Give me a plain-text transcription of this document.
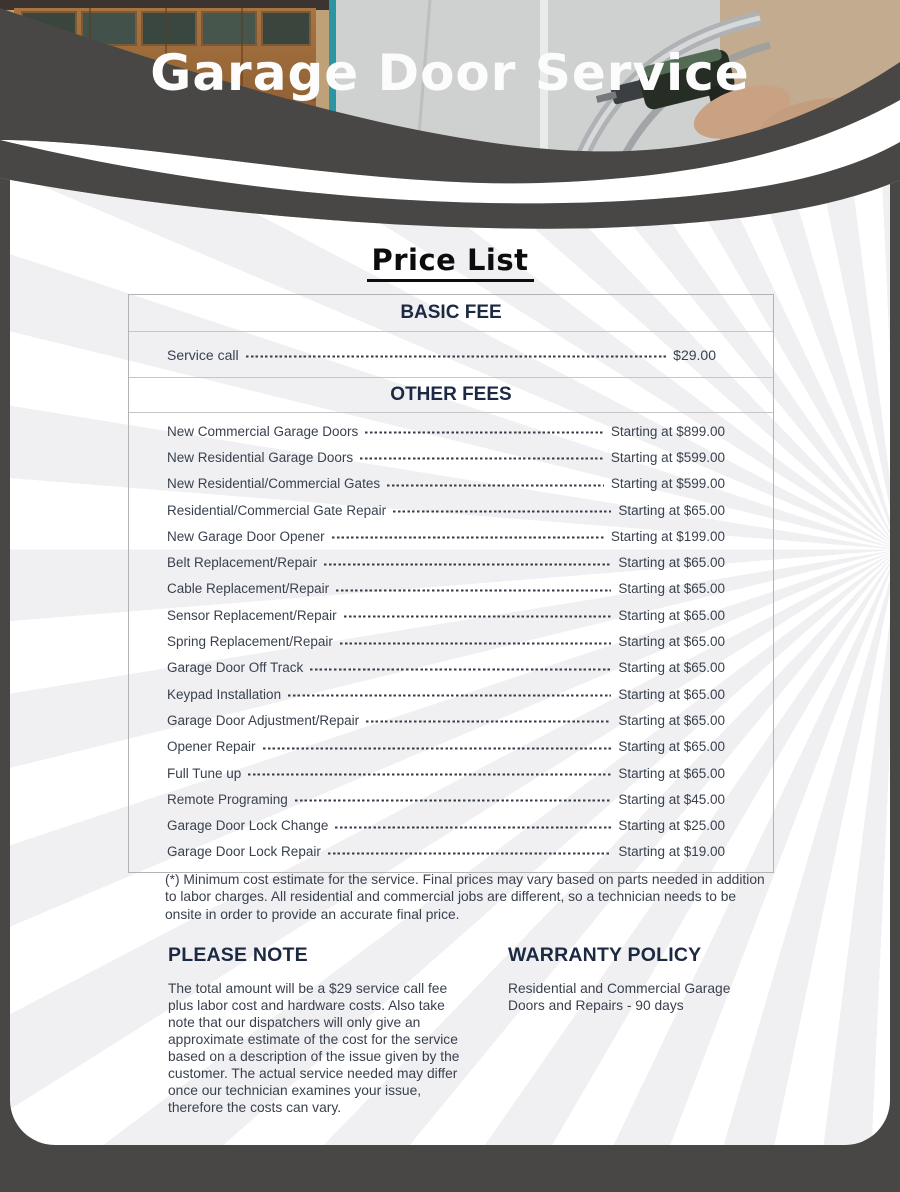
Garage Door Service
Price List
BASIC FEE
Service call	$29.00
OTHER FEES
New Commercial Garage Doors	Starting at $899.00
New Residential Garage Doors	Starting at $599.00
New Residential/Commercial Gates	Starting at $599.00
Residential/Commercial Gate Repair	Starting at $65.00
New Garage Door Opener	Starting at $199.00
Belt Replacement/Repair	Starting at $65.00
Cable Replacement/Repair	Starting at $65.00
Sensor Replacement/Repair	Starting at $65.00
Spring Replacement/Repair	Starting at $65.00
Garage Door Off Track	Starting at $65.00
Keypad Installation	Starting at $65.00
Garage Door Adjustment/Repair	Starting at $65.00
Opener Repair	Starting at $65.00
Full Tune up	Starting at $65.00
Remote Programing	Starting at $45.00
Garage Door Lock Change	Starting at $25.00
Garage Door Lock Repair	Starting at $19.00

(*) Minimum cost estimate for the service. Final prices may vary based on parts needed in addition to labor charges. All residential and commercial jobs are different, so a technician needs to be onsite in order to provide an accurate final price.

PLEASE NOTE

The total amount will be a $29 service call fee plus labor cost and hardware costs. Also take note that our dispatchers will only give an approximate estimate of the cost for the service based on a description of the issue given by the customer. The actual service needed may differ once our technician examines your issue, therefore the costs can vary.

WARRANTY POLICY

Residential and Commercial Garage Doors and Repairs - 90 days
